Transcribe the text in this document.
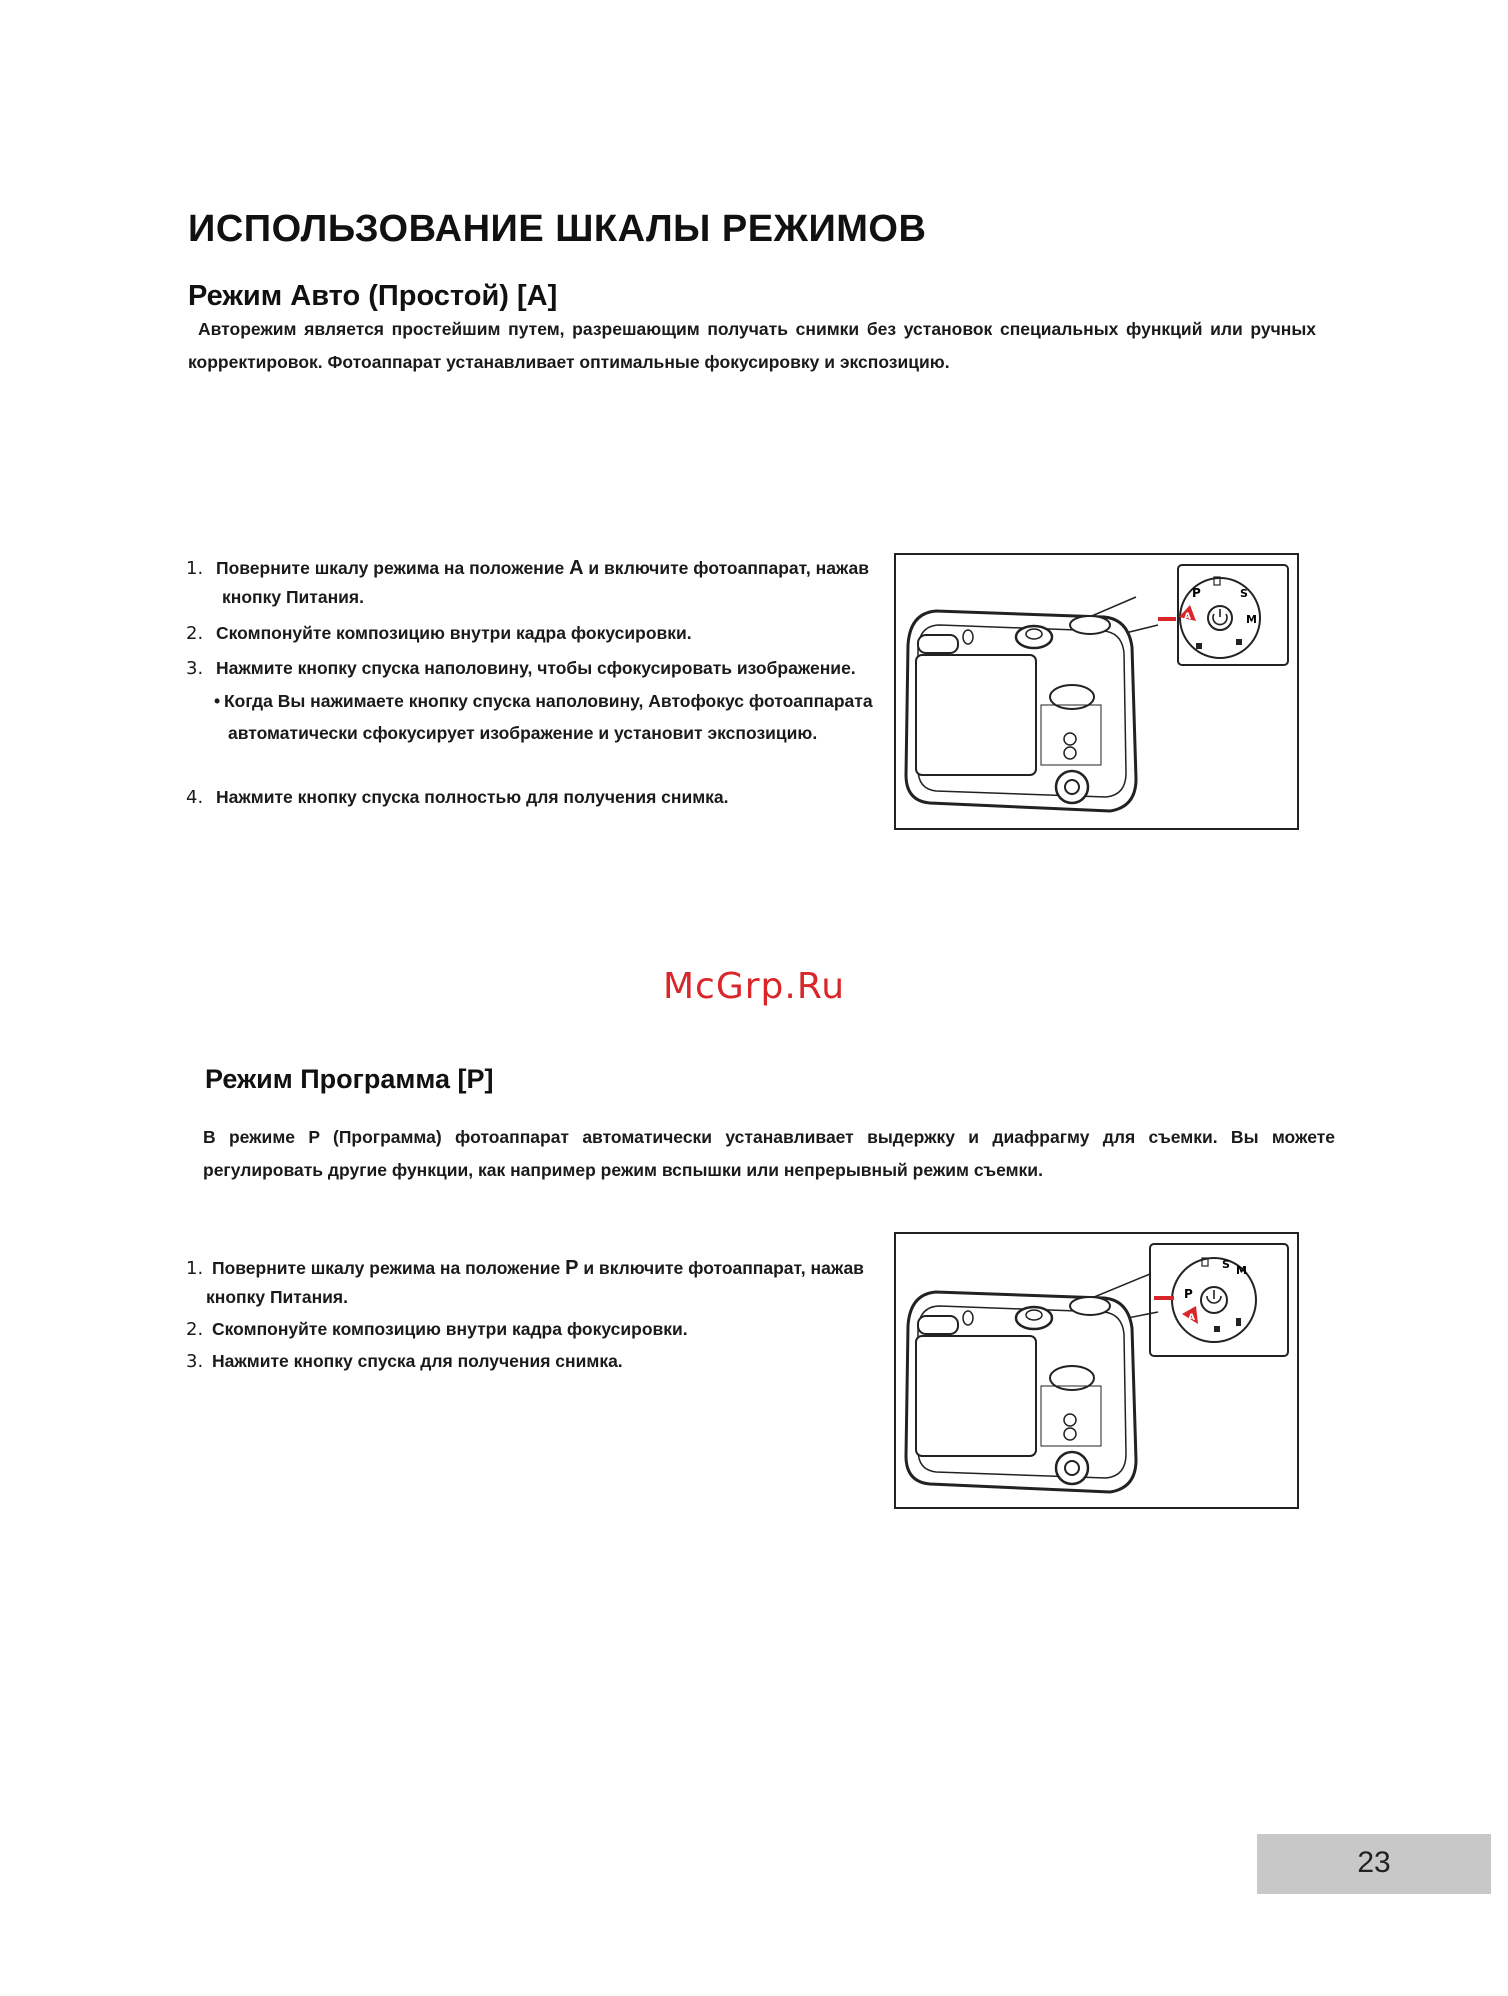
ИСПОЛЬЗОВАНИЕ ШКАЛЫ РЕЖИМОВ
Режим Авто (Простой) [A]
Авторежим является простейшим путем, разрешающим получать снимки без установок специальных функций или ручных корректировок. Фотоаппарат устанавливает оптимальные фокусировку и экспозицию.
1. Поверните шкалу режима на положение A и включите фотоаппарат, нажав
кнопку Питания.
2. Скомпонуйте композицию внутри кадра фокусировки.
3. Нажмите кнопку спуска наполовину, чтобы сфокусировать изображение.
• Когда Вы нажимаете кнопку спуска наполовину, Автофокус фотоаппарата
автоматически сфокусирует изображение и установит экспозицию.
4. Нажмите кнопку спуска полностью для получения снимка.
P
A	M
S
McGrp.Ru
Режим Программа [P]
В режиме P (Программа) фотоаппарат автоматически устанавливает выдержку и диафрагму для съемки. Вы можете регулировать другие функции, как например режим вспышки или непрерывный режим съемки.
1. Поверните шкалу режима на положение P и включите фотоаппарат, нажав
кнопку Питания.
2. Скомпонуйте композицию внутри кадра фокусировки.
3. Нажмите кнопку спуска для получения снимка.
P
A
M
S
23
